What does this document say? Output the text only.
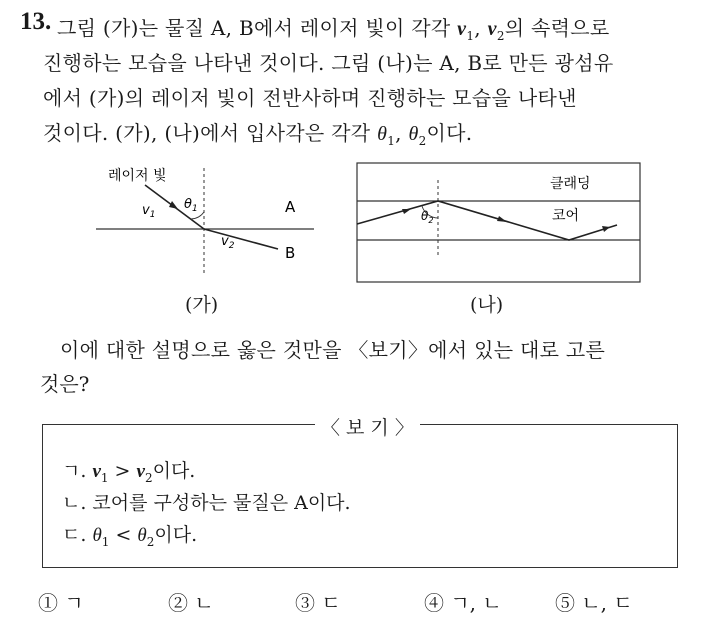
13. 그림 (가)는 물질 A, B에서 레이저 빛이 각각 $v_1$, $v_2$의 속력으로
진행하는 모습을 나타낸 것이다. 그림 (나)는 A, B로 만든 광섬유
에서 (가)의 레이저 빛이 전반사하며 진행하는 모습을 나타낸
것이다. (가), (나)에서 입사각은 각각 $\theta_1$, $\theta_2$이다.
레이저 빛
$v_1$
$\theta_1$
$v_2$
A
B
(가)
$\theta_2$
클래딩
코어
(나)
이에 대한 설명으로 옳은 것만을 〈보기〉에서 있는 대로 고른
것은?
〈 보 기 〉
ㄱ. $v_1 > v_2$이다.
ㄴ. 코어를 구성하는 물질은 A이다.
ㄷ. $\theta_1 < \theta_2$이다.
① ㄱ	② ㄴ	③ ㄷ	④ ㄱ, ㄴ	⑤ ㄴ, ㄷ
